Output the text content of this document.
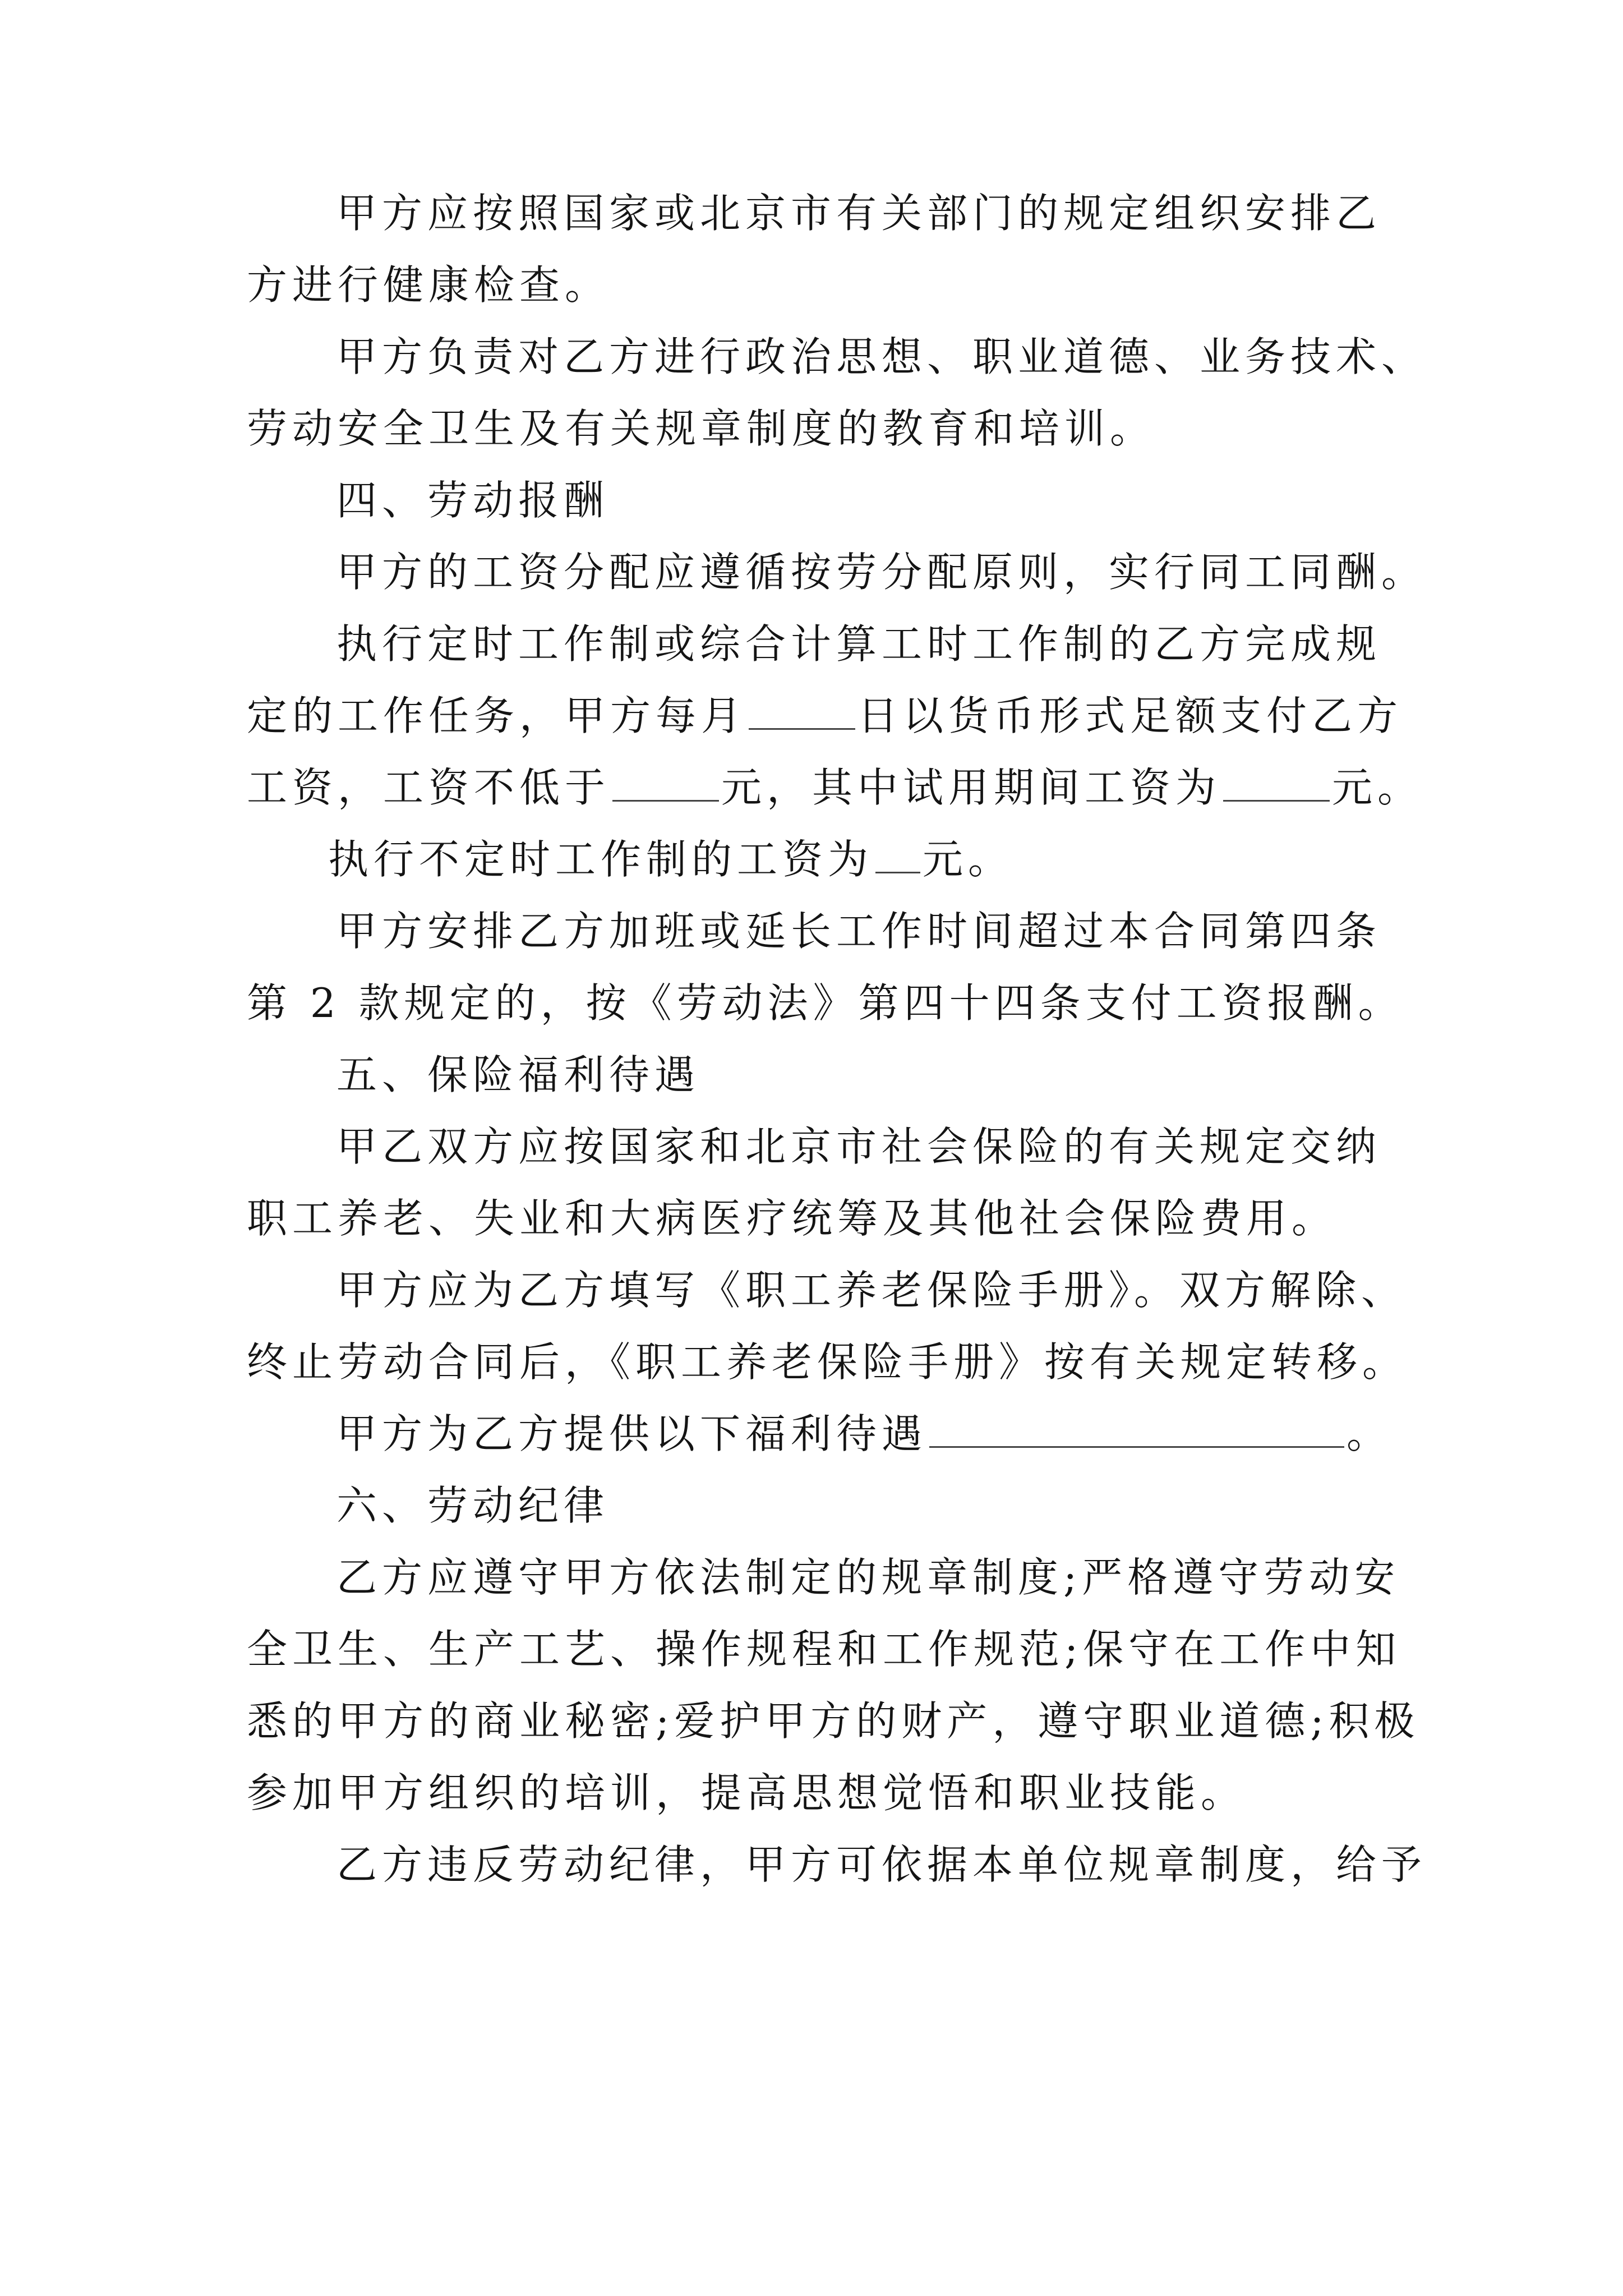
甲方应按照国家或北京市有关部门的规定组织安排乙
方进行健康检查。
甲方负责对乙方进行政治思想、职业道德、业务技术、
劳动安全卫生及有关规章制度的教育和培训。
四、劳动报酬
甲方的工资分配应遵循按劳分配原则，实行同工同酬。
执行定时工作制或综合计算工时工作制的乙方完成规
定的工作任务，甲方每月	日以货币形式足额支付乙方
工资，工资不低于	元，其中试用期间工资为	元。
执行不定时工作制的工资为 元。
甲方安排乙方加班或延长工作时间超过本合同第四条
第 2 款规定的，按《劳动法》第四十四条支付工资报酬。
五、保险福利待遇
甲乙双方应按国家和北京市社会保险的有关规定交纳
职工养老、失业和大病医疗统筹及其他社会保险费用。
甲方应为乙方填写《职工养老保险手册》。双方解除、
终止劳动合同后，《职工养老保险手册》按有关规定转移。
甲方为乙方提供以下福利待遇	。
六、劳动纪律
乙方应遵守甲方依法制定的规章制度;严格遵守劳动安
全卫生、生产工艺、操作规程和工作规范;保守在工作中知
悉的甲方的商业秘密;爱护甲方的财产，遵守职业道德;积极
参加甲方组织的培训，提高思想觉悟和职业技能。
乙方违反劳动纪律，甲方可依据本单位规章制度，给予
